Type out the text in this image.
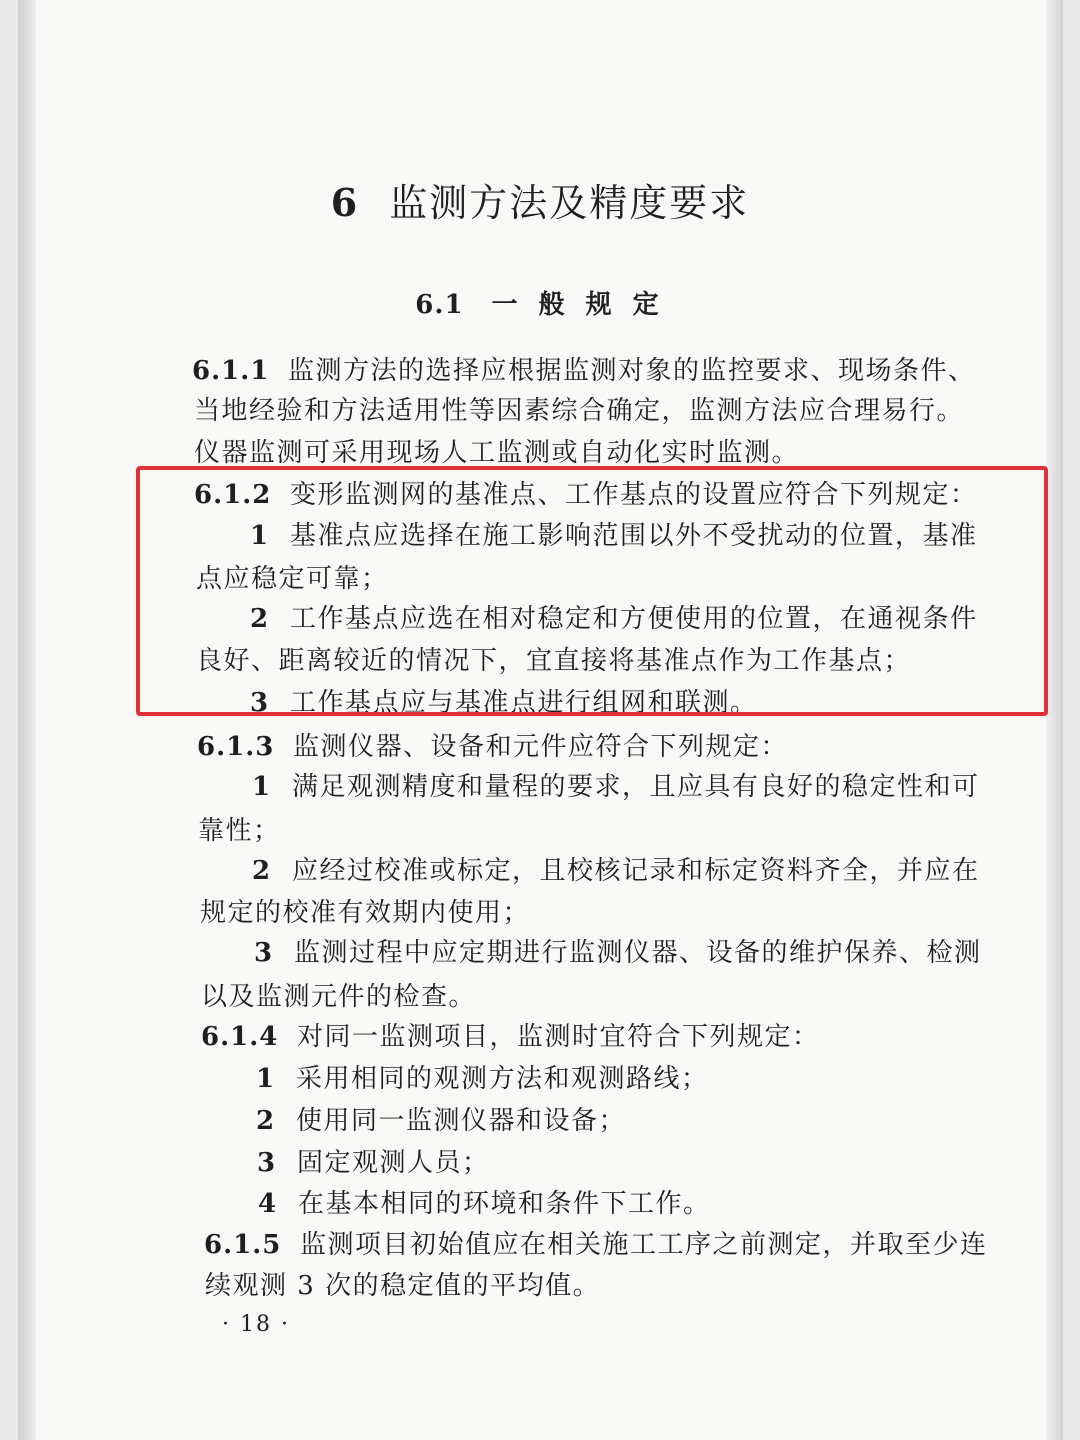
6 监测方法及精度要求
6.1 一 般 规 定
6.1.1 监测方法的选择应根据监测对象的监控要求、现场条件、
当地经验和方法适用性等因素综合确定，监测方法应合理易行。
仪器监测可采用现场人工监测或自动化实时监测。
6.1.2 变形监测网的基准点、工作基点的设置应符合下列规定：
1 基准点应选择在施工影响范围以外不受扰动的位置，基准
点应稳定可靠；
2 工作基点应选在相对稳定和方便使用的位置，在通视条件
良好、距离较近的情况下，宜直接将基准点作为工作基点；
3 工作基点应与基准点进行组网和联测。
6.1.3 监测仪器、设备和元件应符合下列规定：
1 满足观测精度和量程的要求，且应具有良好的稳定性和可
靠性；
2 应经过校准或标定，且校核记录和标定资料齐全，并应在
规定的校准有效期内使用；
3 监测过程中应定期进行监测仪器、设备的维护保养、检测
以及监测元件的检查。
6.1.4 对同一监测项目，监测时宜符合下列规定：
1 采用相同的观测方法和观测路线；
2 使用同一监测仪器和设备；
3 固定观测人员；
4 在基本相同的环境和条件下工作。
6.1.5 监测项目初始值应在相关施工工序之前测定，并取至少连
续观测 3 次的稳定值的平均值。
· 18 ·
